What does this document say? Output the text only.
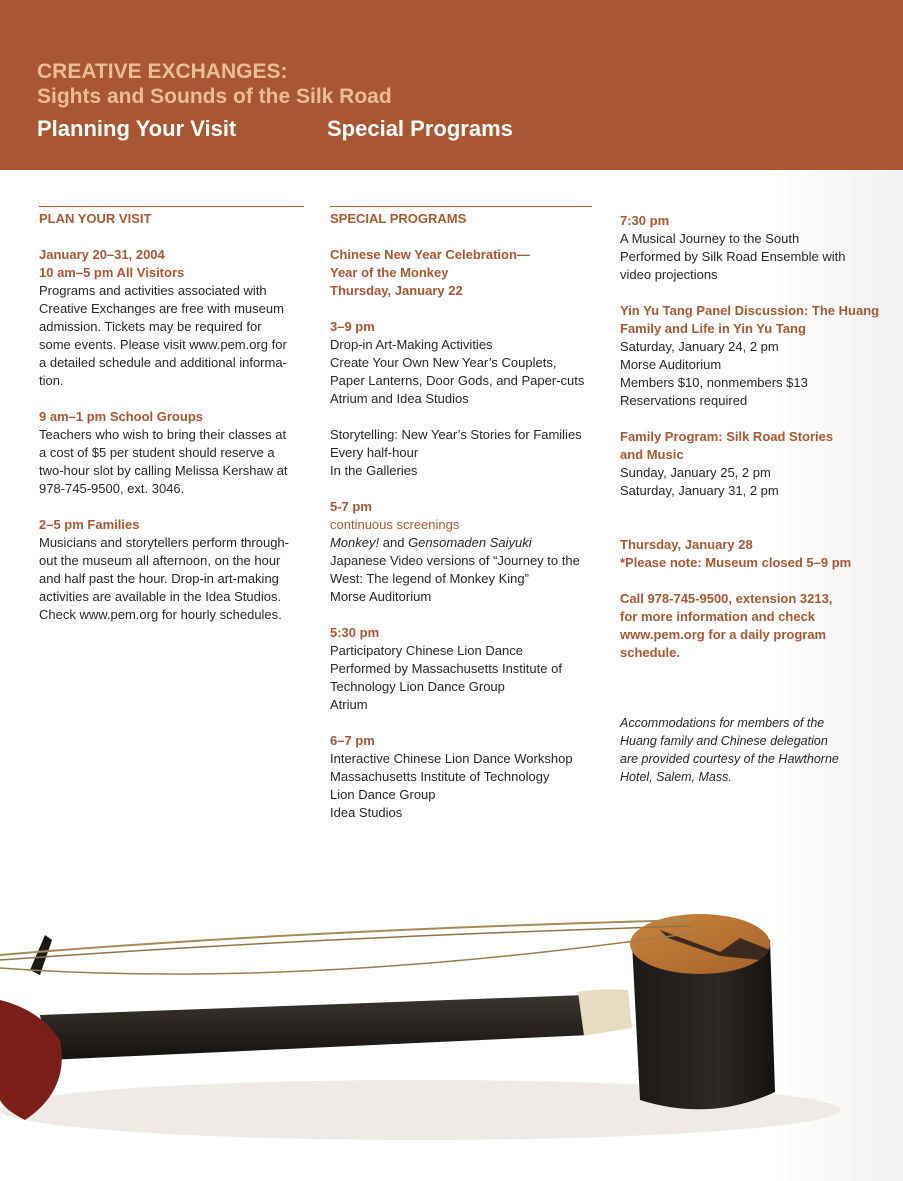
CREATIVE EXCHANGES:
Sights and Sounds of the Silk Road
Planning Your Visit	Special Programs
PLAN YOUR VISIT
January 20–31, 2004
10 am–5 pm All Visitors
Programs and activities associated with
Creative Exchanges are free with museum
admission. Tickets may be required for
some events. Please visit www.pem.org for
a detailed schedule and additional informa-
tion.
9 am–1 pm School Groups
Teachers who wish to bring their classes at
a cost of $5 per student should reserve a
two-hour slot by calling Melissa Kershaw at
978-745-9500, ext. 3046.
2–5 pm Families
Musicians and storytellers perform through-
out the museum all afternoon, on the hour
and half past the hour. Drop-in art-making
activities are available in the Idea Studios.
Check www.pem.org for hourly schedules.
SPECIAL PROGRAMS
Chinese New Year Celebration—
Year of the Monkey
Thursday, January 22
3–9 pm
Drop-in Art-Making Activities
Create Your Own New Year’s Couplets,
Paper Lanterns, Door Gods, and Paper-cuts
Atrium and Idea Studios
Storytelling: New Year’s Stories for Families
Every half-hour
In the Galleries
5-7 pm
continuous screenings
Monkey! and Gensomaden Saiyuki
Japanese Video versions of “Journey to the
West: The legend of Monkey King”
Morse Auditorium
5:30 pm
Participatory Chinese Lion Dance
Performed by Massachusetts Institute of
Technology Lion Dance Group
Atrium
6–7 pm
Interactive Chinese Lion Dance Workshop
Massachusetts Institute of Technology
Lion Dance Group
Idea Studios
7:30 pm
A Musical Journey to the South
Performed by Silk Road Ensemble with
video projections
Yin Yu Tang Panel Discussion: The Huang
Family and Life in Yin Yu Tang
Saturday, January 24, 2 pm
Morse Auditorium
Members $10, nonmembers $13
Reservations required
Family Program: Silk Road Stories
and Music
Sunday, January 25, 2 pm
Saturday, January 31, 2 pm
Thursday, January 28
*Please note: Museum closed 5–9 pm
Call 978-745-9500, extension 3213,
for more information and check
www.pem.org for a daily program
schedule.
Accommodations for members of the
Huang family and Chinese delegation
are provided courtesy of the Hawthorne
Hotel, Salem, Mass.
